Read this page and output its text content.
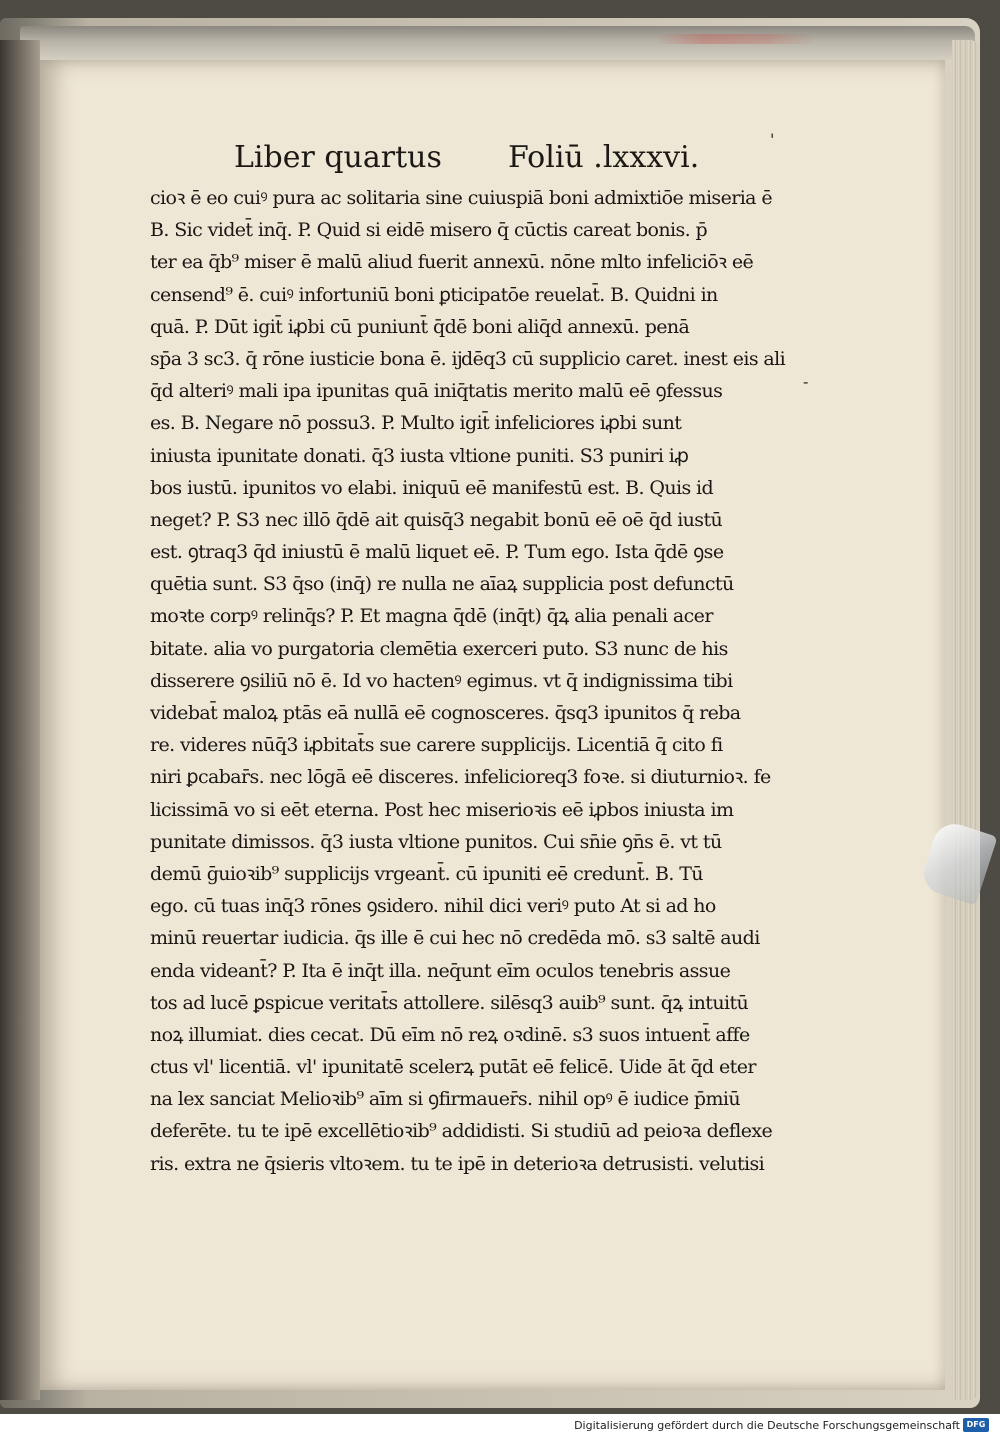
Liber quartus Foliū .lxxxvi.
'
-
cioꝛ ē eo cuiꝰ pura ac solitaria sine cuiuspiā boni admixtiōe miseria ē
B. Sic videt̄ inq̄. P. Quid si eidē misero q̄ cūctis careat bonis. p̄
ter ea q̄b⁹ miser ē malū aliud fuerit annexū. nōne mlto infeliciōꝛ eē
censend⁹ ē. cuiꝰ infortuniū boni ꝑticipatōe reuelat̄. B. Quidni in
quā. P. Dūt igit̄ iꝓbi cū puniunt̄ q̄dē boni aliq̄d annexū. penā
sp̄a 3 sc3. q̄ rōne iusticie bona ē. ĳdēq3 cū supplicio caret. inest eis ali
q̄d alteriꝰ mali ipa ipunitas quā iniq̄tatis merito malū eē ꝯfessus
es. B. Negare nō possu3. P. Multo igit̄ infeliciores iꝓbi sunt
iniusta ipunitate donati. q̄3 iusta vltione puniti. S3 puniri iꝓ
bos iustū. ipunitos vo elabi. iniquū eē manifestū est. B. Quis id
neget? P. S3 nec illō q̄dē ait quisq̄3 negabit bonū eē oē q̄d iustū
est. ꝯtraq3 q̄d iniustū ē malū liquet eē. P. Tum ego. Ista q̄dē ꝯse
quētia sunt. S3 q̄so (inq̄) re nulla ne aīaꝝ supplicia post defunctū
moꝛte corpꝰ relinq̄s? P. Et magna q̄dē (inq̄t) q̄ꝝ alia penali acer
bitate. alia vo purgatoria clemētia exerceri puto. S3 nunc de his
disserere ꝯsiliū nō ē. Id vo hactenꝰ egimus. vt q̄ indignissima tibi
videbat̄ maloꝝ ptās eā nullā eē cognosceres. q̄sq3 ipunitos q̄ reba
re. videres nūq̄3 iꝓbitat̄s sue carere supplicijs. Licentiā q̄ cito fi
niri ꝑcabar̄s. nec lōgā eē disceres. infelicioreq3 foꝛe. si diuturnioꝛ. fe
licissimā vo si eēt eterna. Post hec miserioꝛis eē iꝓbos iniusta im
punitate dimissos. q̄3 iusta vltione punitos. Cui sn̄ie ꝯn̄s ē. vt tū
demū ḡuioꝛib⁹ supplicijs vrgeant̄. cū ipuniti eē credunt̄. B. Tū
ego. cū tuas inq̄3 rōnes ꝯsidero. nihil dici veriꝰ puto At si ad ho
minū reuertar iudicia. q̄s ille ē cui hec nō credēda mō. s3 saltē audi
enda videant̄? P. Ita ē inq̄t illa. neq̄unt eīm oculos tenebris assue
tos ad lucē ꝑspicue veritat̄s attollere. silēsq3 auib⁹ sunt. q̄ꝝ intuitū
noꝝ illumiat. dies cecat. Dū eīm nō reꝝ oꝛdinē. s3 suos intuent̄ affe
ctus vl' licentiā. vl' ipunitatē scelerꝝ putāt eē felicē. Uide āt q̄d eter
na lex sanciat Melioꝛib⁹ aīm si ꝯfirmauer̄s. nihil opꝰ ē iudice p̄miū
deferēte. tu te ipē excellētioꝛib⁹ addidisti. Si studiū ad peioꝛa deflexe
ris. extra ne q̄sieris vltoꝛem. tu te ipē in deterioꝛa detrusisti. velutisi
Digitalisierung gefördert durch die Deutsche Forschungsgemeinschaft DFG
